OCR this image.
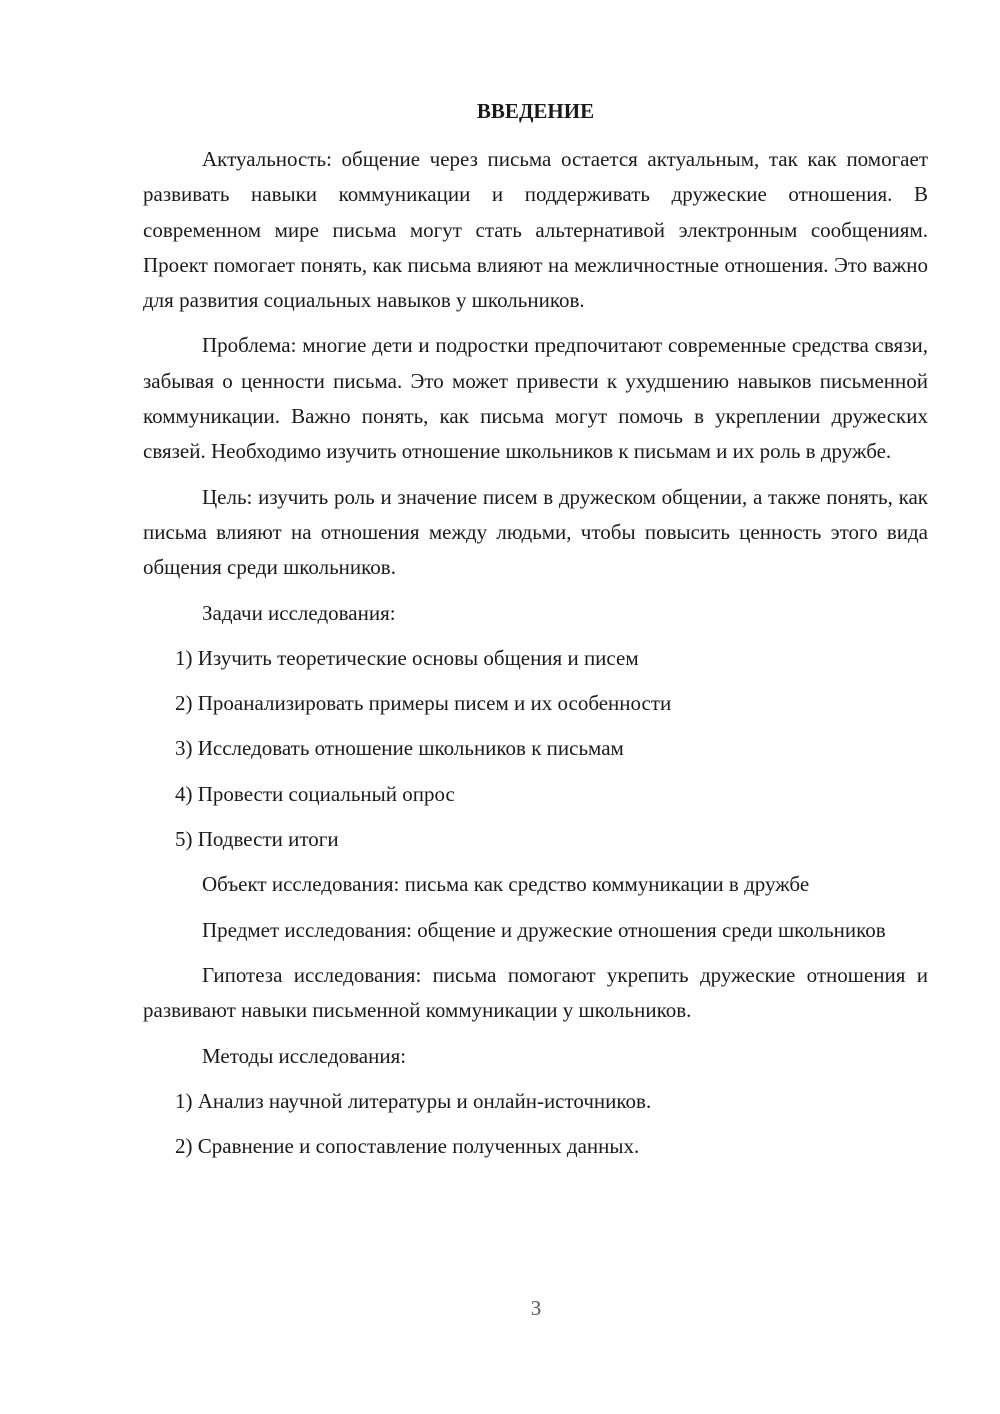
ВВЕДЕНИЕ

Актуальность: общение через письма остается актуальным, так как помогает развивать навыки коммуникации и поддерживать дружеские отношения. В современном мире письма могут стать альтернативой электронным сообщениям. Проект помогает понять, как письма влияют на межличностные отношения. Это важно для развития социальных навыков у школьников.

Проблема: многие дети и подростки предпочитают современные средства связи, забывая о ценности письма. Это может привести к ухудшению навыков письменной коммуникации. Важно понять, как письма могут помочь в укреплении дружеских связей. Необходимо изучить отношение школьников к письмам и их роль в дружбе.

Цель: изучить роль и значение писем в дружеском общении, а также понять, как письма влияют на отношения между людьми, чтобы повысить ценность этого вида общения среди школьников.

Задачи исследования:

1) Изучить теоретические основы общения и писем

2) Проанализировать примеры писем и их особенности

3) Исследовать отношение школьников к письмам

4) Провести социальный опрос

5) Подвести итоги

Объект исследования: письма как средство коммуникации в дружбе

Предмет исследования: общение и дружеские отношения среди школьников

Гипотеза исследования: письма помогают укрепить дружеские отношения и развивают навыки письменной коммуникации у школьников.

Методы исследования:

1) Анализ научной литературы и онлайн-источников.

2) Сравнение и сопоставление полученных данных.

3
